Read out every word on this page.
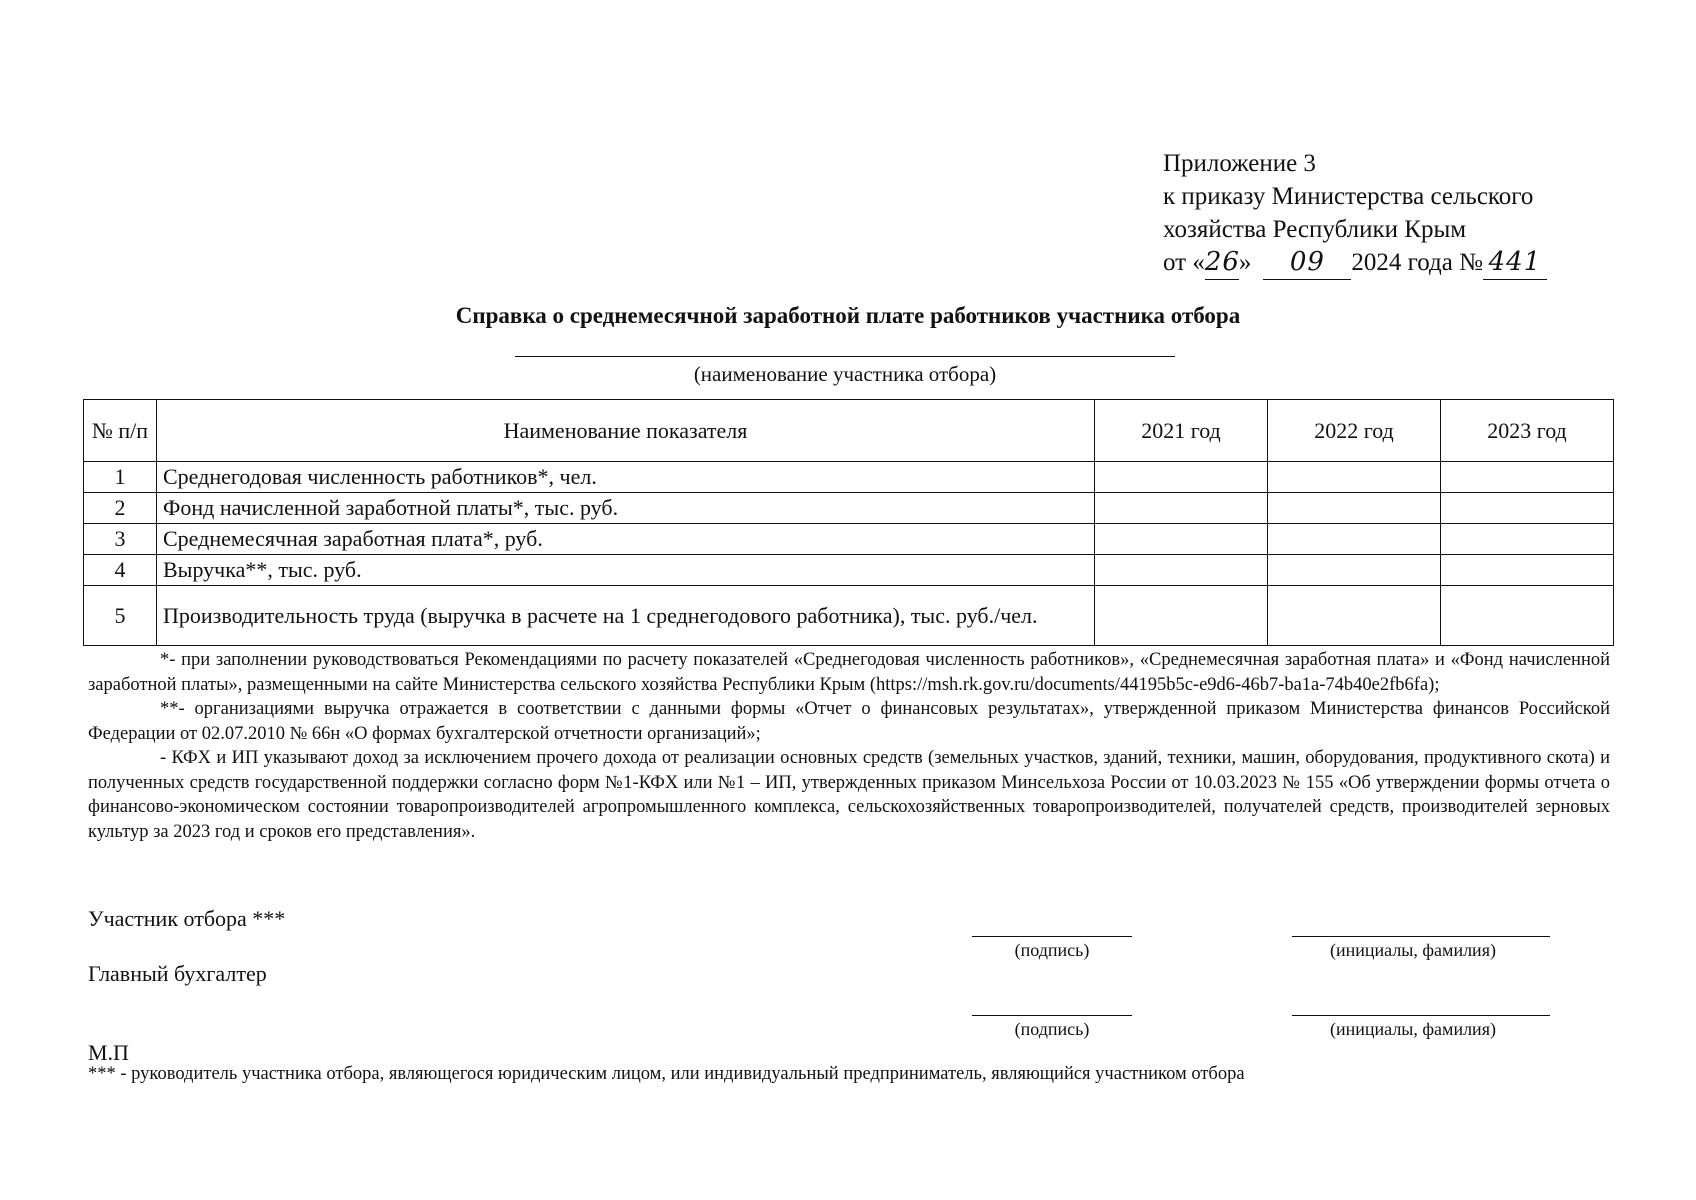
Приложение 3
к приказу Министерства сельского
хозяйства Республики Крым
от «26» 09 2024 года № 441
Справка о среднемесячной заработной плате работников участника отбора
(наименование участника отбора)
№ п/п	Наименование показателя	2021 год	2022 год	2023 год
1	Среднегодовая численность работников*, чел.			
2	Фонд начисленной заработной платы*, тыс. руб.			
3	Среднемесячная заработная плата*, руб.			
4	Выручка**, тыс. руб.			
5	Производительность труда (выручка в расчете на 1 среднегодового работника), тыс. руб./чел.			

*- при заполнении руководствоваться Рекомендациями по расчету показателей «Среднегодовая численность работников», «Среднемесячная заработная плата» и «Фонд начисленной заработной платы», размещенными на сайте Министерства сельского хозяйства Республики Крым (https://msh.rk.gov.ru/documents/44195b5c-e9d6-46b7-ba1a-74b40e2fb6fa);

**- организациями выручка отражается в соответствии с данными формы «Отчет о финансовых результатах», утвержденной приказом Министерства финансов Российской Федерации от 02.07.2010 № 66н «О формах бухгалтерской отчетности организаций»;

- КФХ и ИП указывают доход за исключением прочего дохода от реализации основных средств (земельных участков, зданий, техники, машин, оборудования, продуктивного скота) и полученных средств государственной поддержки согласно форм №1-КФХ или №1 – ИП, утвержденных приказом Минсельхоза России от 10.03.2023 № 155 «Об утверждении формы отчета о финансово-экономическом состоянии товаропроизводителей агропромышленного комплекса, сельскохозяйственных товаропроизводителей, получателей средств, производителей зерновых культур за 2023 год и сроков его представления».

Участник отбора ***
(подпись)	(инициалы, фамилия)
Главный бухгалтер
(подпись)	(инициалы, фамилия)
М.П
*** - руководитель участника отбора, являющегося юридическим лицом, или индивидуальный предприниматель, являющийся участником отбора
